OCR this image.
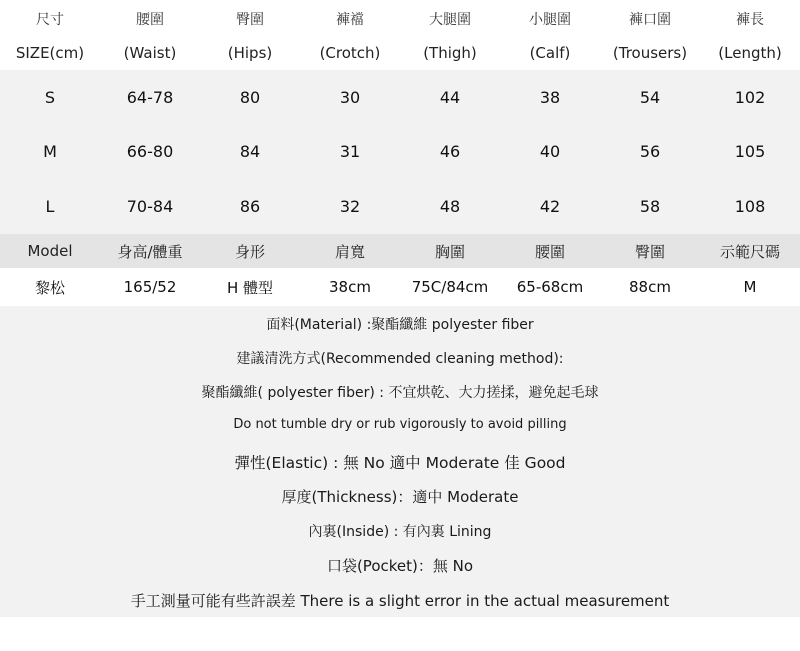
尺寸	腰圍	臀圍	褲襠	大腿圍	小腿圍	褲口圍	褲長
SIZE(cm)	(Waist)	(Hips)	(Crotch)	(Thigh)	(Calf)	(Trousers)	(Length)
S	64-78	80	30	44	38	54	102
M	66-80	84	31	46	40	56	105
L	70-84	86	32	48	42	58	108
Model	身高/體重	身形	肩寬	胸圍	腰圍	臀圍	示範尺碼
黎松	165/52	H 體型	38cm	75C/84cm	65-68cm	88cm	M
面料(Material) :聚酯纖維 polyester fiber
建議清洗方式(Recommended cleaning method):
聚酯纖維( polyester fiber) : 不宜烘乾、大力搓揉，避免起毛球
Do not tumble dry or rub vigorously to avoid pilling
彈性(Elastic) : 無 No 適中 Moderate 佳 Good
厚度(Thickness)：適中 Moderate
內裏(Inside) : 有內裏 Lining
口袋(Pocket)：無 No
手工測量可能有些許誤差 There is a slight error in the actual measurement
